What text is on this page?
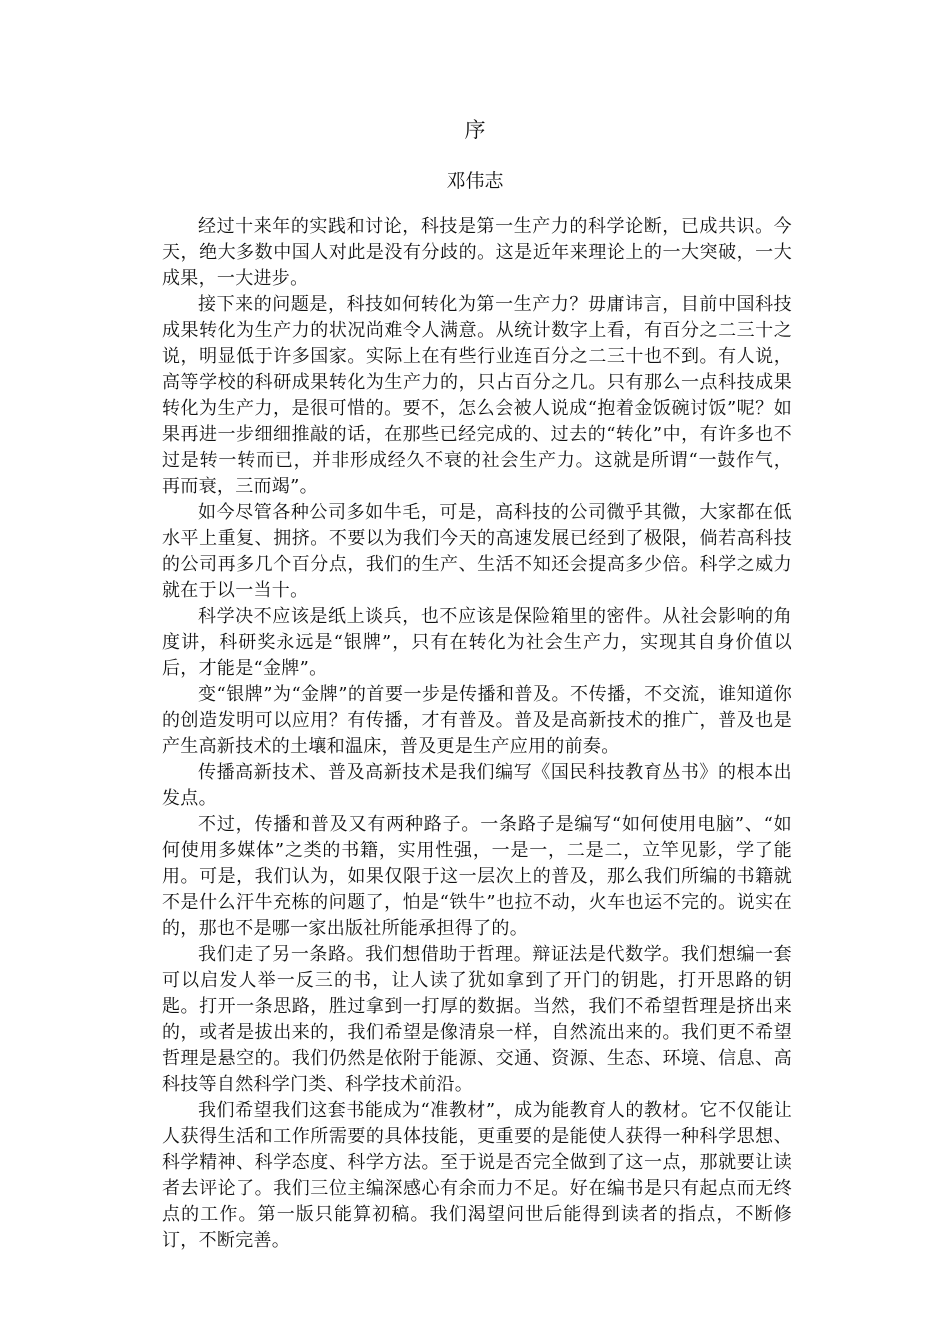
序
邓伟志

经过十来年的实践和讨论，科技是第一生产力的科学论断，已成共识。今天，绝大多数中国人对此是没有分歧的。这是近年来理论上的一大突破，一大成果，一大进步。

接下来的问题是，科技如何转化为第一生产力？毋庸讳言，目前中国科技成果转化为生产力的状况尚难令人满意。从统计数字上看，有百分之二三十之说，明显低于许多国家。实际上在有些行业连百分之二三十也不到。有人说，高等学校的科研成果转化为生产力的，只占百分之几。只有那么一点科技成果转化为生产力，是很可惜的。要不，怎么会被人说成“抱着金饭碗讨饭”呢？如果再进一步细细推敲的话，在那些已经完成的、过去的“转化”中，有许多也不过是转一转而已，并非形成经久不衰的社会生产力。这就是所谓“一鼓作气，再而衰，三而竭”。

如今尽管各种公司多如牛毛，可是，高科技的公司微乎其微，大家都在低水平上重复、拥挤。不要以为我们今天的高速发展已经到了极限，倘若高科技的公司再多几个百分点，我们的生产、生活不知还会提高多少倍。科学之威力就在于以一当十。

科学决不应该是纸上谈兵，也不应该是保险箱里的密件。从社会影响的角度讲，科研奖永远是“银牌”，只有在转化为社会生产力，实现其自身价值以后，才能是“金牌”。

变“银牌”为“金牌”的首要一步是传播和普及。不传播，不交流，谁知道你的创造发明可以应用？有传播，才有普及。普及是高新技术的推广，普及也是产生高新技术的土壤和温床，普及更是生产应用的前奏。

传播高新技术、普及高新技术是我们编写《国民科技教育丛书》的根本出发点。

不过，传播和普及又有两种路子。一条路子是编写“如何使用电脑”、“如何使用多媒体”之类的书籍，实用性强，一是一，二是二，立竿见影，学了能用。可是，我们认为，如果仅限于这一层次上的普及，那么我们所编的书籍就不是什么汗牛充栋的问题了，怕是“铁牛”也拉不动，火车也运不完的。说实在的，那也不是哪一家出版社所能承担得了的。

我们走了另一条路。我们想借助于哲理。辩证法是代数学。我们想编一套可以启发人举一反三的书，让人读了犹如拿到了开门的钥匙，打开思路的钥匙。打开一条思路，胜过拿到一打厚的数据。当然，我们不希望哲理是挤出来的，或者是拔出来的，我们希望是像清泉一样，自然流出来的。我们更不希望哲理是悬空的。我们仍然是依附于能源、交通、资源、生态、环境、信息、高科技等自然科学门类、科学技术前沿。

我们希望我们这套书能成为“准教材”，成为能教育人的教材。它不仅能让人获得生活和工作所需要的具体技能，更重要的是能使人获得一种科学思想、科学精神、科学态度、科学方法。至于说是否完全做到了这一点，那就要让读者去评论了。我们三位主编深感心有余而力不足。好在编书是只有起点而无终点的工作。第一版只能算初稿。我们渴望问世后能得到读者的指点，不断修订，不断完善。
